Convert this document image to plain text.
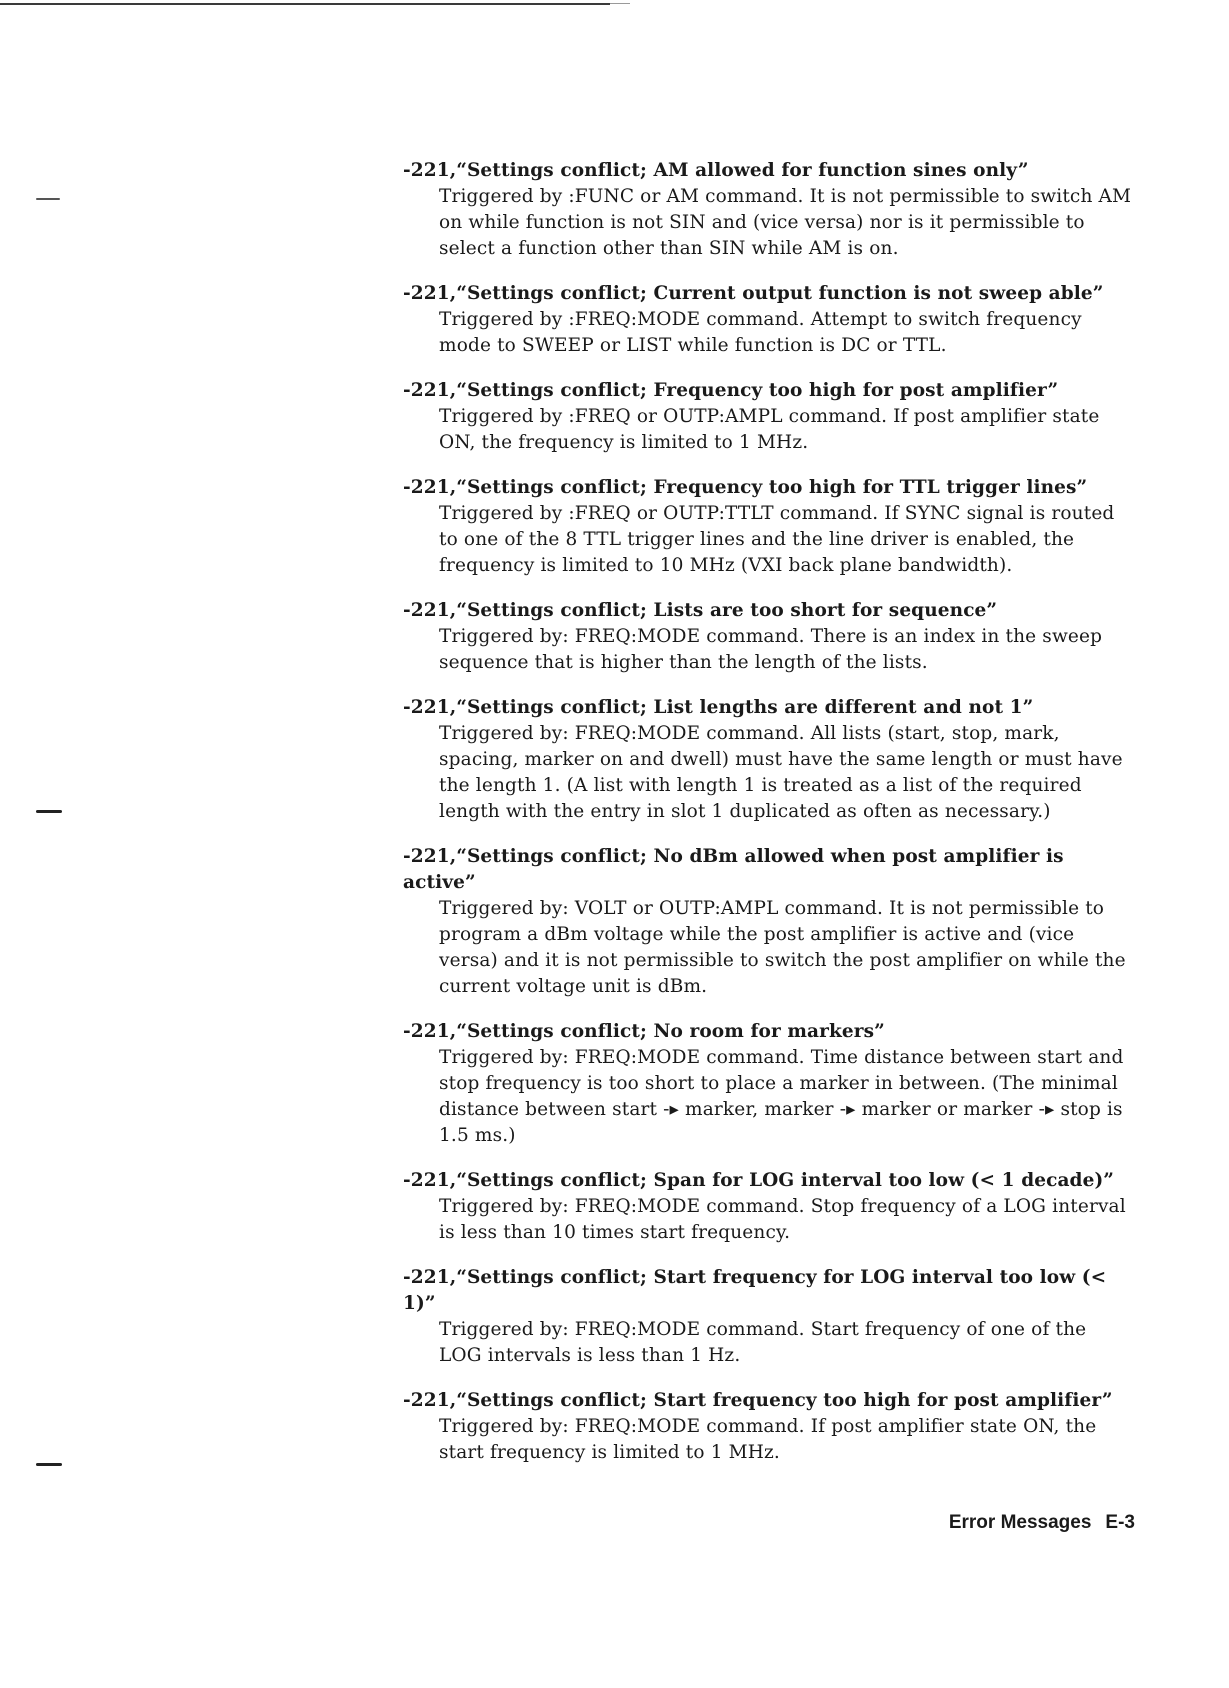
-221,“Settings conflict; AM allowed for function sines only”

Triggered by :FUNC or AM command. It is not permissible to switch AM on while function is not SIN and (vice versa) nor is it permissible to select a function other than SIN while AM is on.

-221,“Settings conflict; Current output function is not sweep able”

Triggered by :FREQ:MODE command. Attempt to switch frequency mode to SWEEP or LIST while function is DC or TTL.

-221,“Settings conflict; Frequency too high for post amplifier”

Triggered by :FREQ or OUTP:AMPL command. If post amplifier state ON, the frequency is limited to 1 MHz.

-221,“Settings conflict; Frequency too high for TTL trigger lines”

Triggered by :FREQ or OUTP:TTLT command. If SYNC signal is routed to one of the 8 TTL trigger lines and the line driver is enabled, the frequency is limited to 10 MHz (VXI back plane bandwidth).

-221,“Settings conflict; Lists are too short for sequence”

Triggered by: FREQ:MODE command. There is an index in the sweep sequence that is higher than the length of the lists.

-221,“Settings conflict; List lengths are different and not 1”

Triggered by: FREQ:MODE command. All lists (start, stop, mark, spacing, marker on and dwell) must have the same length or must have the length 1. (A list with length 1 is treated as a list of the required length with the entry in slot 1 duplicated as often as necessary.)

-221,“Settings conflict; No dBm allowed when post amplifier is active”

Triggered by: VOLT or OUTP:AMPL command. It is not permissible to program a dBm voltage while the post amplifier is active and (vice versa) and it is not permissible to switch the post amplifier on while the current voltage unit is dBm.

-221,“Settings conflict; No room for markers”

Triggered by: FREQ:MODE command. Time distance between start and stop frequency is too short to place a marker in between. (The minimal distance between start -▸ marker, marker -▸ marker or marker -▸ stop is 1.5 ms.)

-221,“Settings conflict; Span for LOG interval too low (< 1 decade)”

Triggered by: FREQ:MODE command. Stop frequency of a LOG interval is less than 10 times start frequency.

-221,“Settings conflict; Start frequency for LOG interval too low (< 1)”

Triggered by: FREQ:MODE command. Start frequency of one of the LOG intervals is less than 1 Hz.

-221,“Settings conflict; Start frequency too high for post amplifier”

Triggered by: FREQ:MODE command. If post amplifier state ON, the start frequency is limited to 1 MHz.

Error Messages E-3
